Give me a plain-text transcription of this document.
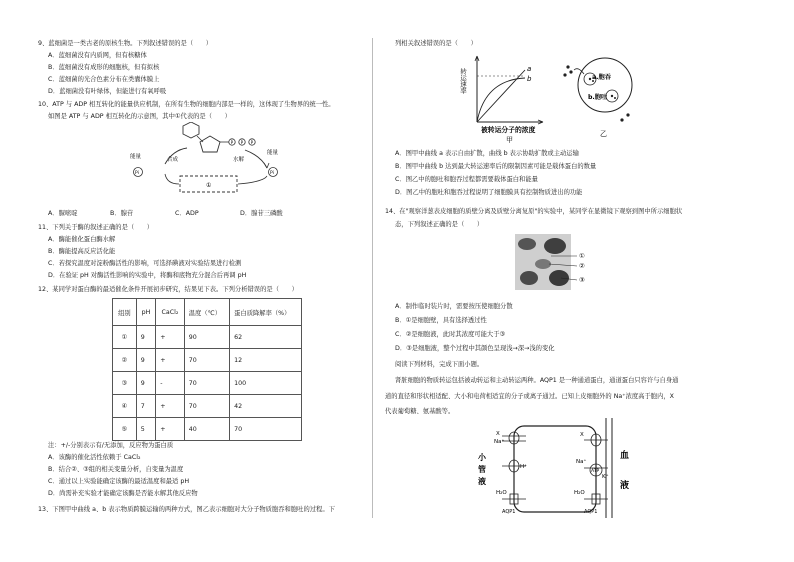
9、蓝细菌是一类古老的原核生物。下列叙述错误的是（　　）
A．蓝细菌没有内质网，但有核糖体
B．蓝细菌没有成形的细胞核，但有拟核
C．蓝细菌的光合色素分布在类囊体膜上
D．蓝细菌没有叶绿体，但能进行有氧呼吸
10、ATP 与 ADP 相互转化的能量供应机制，在所有生物的细胞内部是一样的，这体现了生物界的统一性。
如图是 ATP 与 ADP 相互转化的示意图，其中①代表的是（　　）
P P P
合成	水解
能量
能量
Pi	Pi
①
A．脲嘧啶	B．腺苷	C．ADP	D．腺苷三磷酸
11、下列关于酶的叙述正确的是（　　）
A．酶能催化蛋白酶水解
B．酶能提高反应活化能
C．若探究温度对淀粉酶活性的影响，可选择碘液对实验结果进行检测
D．在验证 pH 对酶活性影响的实验中，将酶和底物充分混合后再调 pH
12、某同学对蛋白酶的最适催化条件开展初步研究，结果见下表。下列分析错误的是（　　）
组别	pH	CaCl₂	温度（℃）	蛋白质降解率（%）
①	9	+	90	62
②	9	+	70	12
③	9	-	70	100
④	7	+	70	42
⑤	5	+	40	70
注：+/-分别表示有/无添加，反应物为蛋白质
A．该酶的催化活性依赖于 CaCl₂
B．结合②、③组的相关变量分析，自变量为温度
C．通过以上实验能确定该酶的最适温度和最适 pH
D．尚需补充实验才能确定该酶是否能水解其他反应物
13、下图甲中曲线 a、b 表示物质跨膜运输的两种方式，图乙表示细胞对大分子物质胞吞和胞吐的过程。下
列相关叙述错误的是（　　）
a
b
转运速率
被转运分子的浓度
甲
a.胞吞
b.胞吐
乙
A．图甲中曲线 a 表示自由扩散，曲线 b 表示协助扩散或主动运输
B．图甲中曲线 b 达到最大转运速率后的限制因素可能是载体蛋白的数量
C．图乙中的胞吐和胞吞过程都需要载体蛋白和能量
D．图乙中的胞吐和胞吞过程说明了细胞膜具有控制物质进出的功能
14、在"观察洋葱表皮细胞的质壁分离及质壁分离复原"的实验中，某同学在显微镜下观察到图中所示细胞状
态，下列叙述正确的是（　　）
①
②
③
A．制作临时装片时，需要按压使细胞分散
B．①是细胞壁，具有选择透过性
C．②是细胞液，此时其浓度可能大于③
D．③是细胞液，整个过程中其颜色呈现浅→深→浅的变化
阅读下列材料，完成下面小题。
肾脏细胞的物质转运包括被动转运和主动转运两种。AQP1 是一种通道蛋白，通道蛋白只容许与自身通
道的直径和形状相适配、大小和电荷相适宜的分子或离子通过。已知上皮细胞外的 Na⁺浓度高于胞内，X
代表葡萄糖、氨基酸等。
X
Na⁺
H⁺
H₂O
AQP1
X
Na⁺
ATP
K⁺
H₂O
AQP1
小
管
液
血
液
